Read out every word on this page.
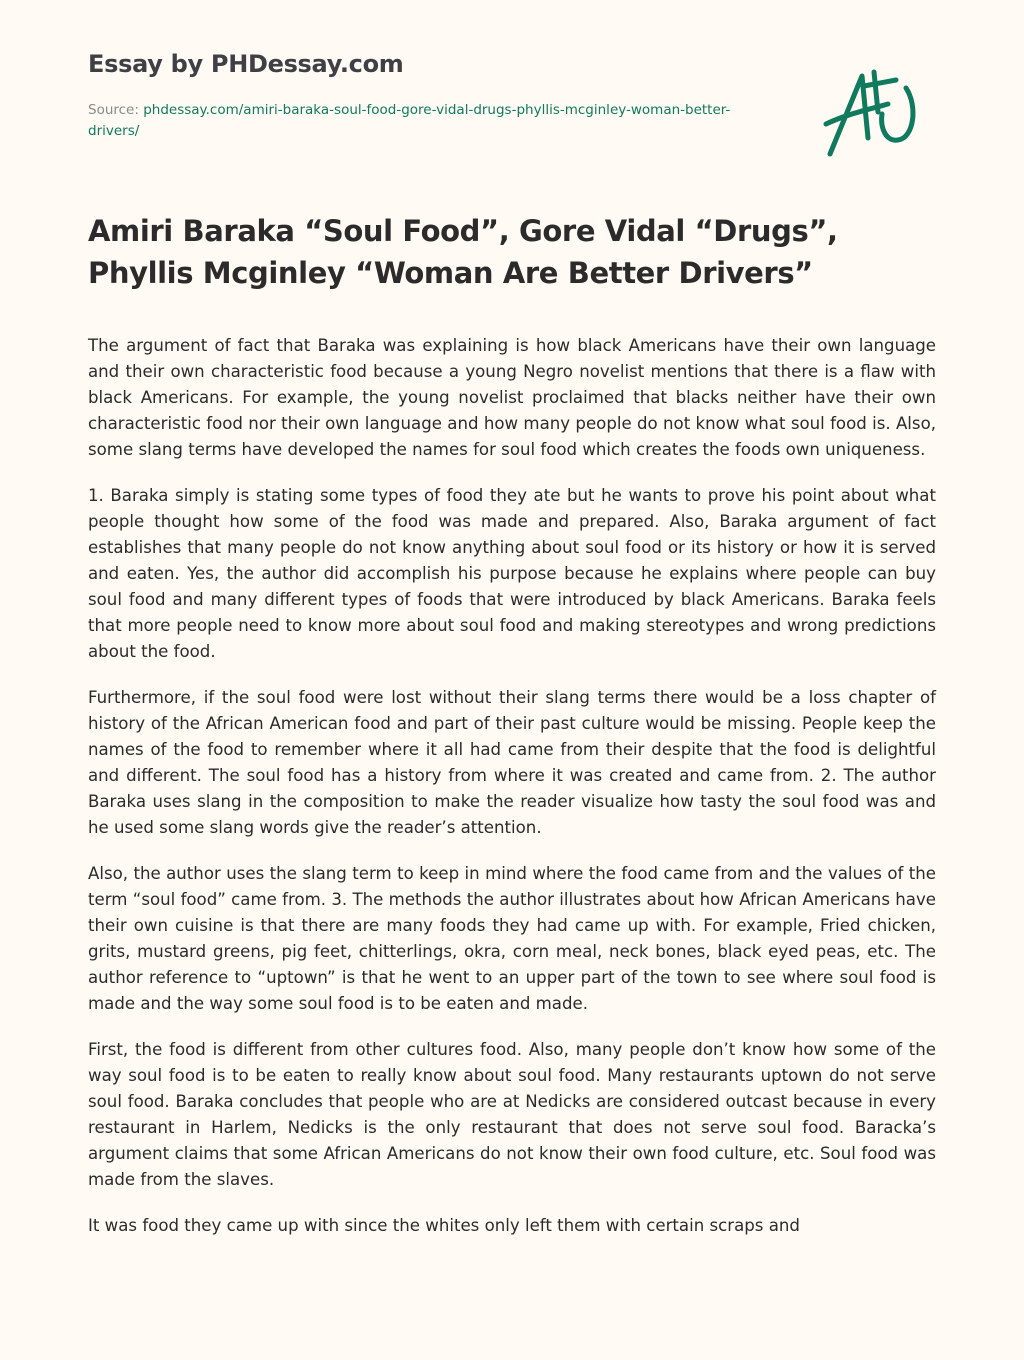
Essay by PHDessay.com
Source: phdessay.com/amiri-baraka-soul-food-gore-vidal-drugs-phyllis-mcginley-woman-better-drivers/
Amiri Baraka “Soul Food”, Gore Vidal “Drugs”, Phyllis Mcginley “Woman Are Better Drivers”

The argument of fact that Baraka was explaining is how black Americans have their own language and their own characteristic food because a young Negro novelist mentions that there is a flaw with black Americans. For example, the young novelist proclaimed that blacks neither have their own characteristic food nor their own language and how many people do not know what soul food is. Also, some slang terms have developed the names for soul food which creates the foods own uniqueness.

1. Baraka simply is stating some types of food they ate but he wants to prove his point about what people thought how some of the food was made and prepared. Also, Baraka argument of fact establishes that many people do not know anything about soul food or its history or how it is served and eaten. Yes, the author did accomplish his purpose because he explains where people can buy soul food and many different types of foods that were introduced by black Americans. Baraka feels that more people need to know more about soul food and making stereotypes and wrong predictions about the food.

Furthermore, if the soul food were lost without their slang terms there would be a loss chapter of history of the African American food and part of their past culture would be missing. People keep the names of the food to remember where it all had came from their despite that the food is delightful and different. The soul food has a history from where it was created and came from. 2. The author Baraka uses slang in the composition to make the reader visualize how tasty the soul food was and he used some slang words give the reader’s attention.

Also, the author uses the slang term to keep in mind where the food came from and the values of the term “soul food” came from. 3. The methods the author illustrates about how African Americans have their own cuisine is that there are many foods they had came up with. For example, Fried chicken, grits, mustard greens, pig feet, chitterlings, okra, corn meal, neck bones, black eyed peas, etc. The author reference to “uptown” is that he went to an upper part of the town to see where soul food is made and the way some soul food is to be eaten and made.

First, the food is different from other cultures food. Also, many people don’t know how some of the way soul food is to be eaten to really know about soul food. Many restaurants uptown do not serve soul food. Baraka concludes that people who are at Nedicks are considered outcast because in every restaurant in Harlem, Nedicks is the only restaurant that does not serve soul food. Baracka’s argument claims that some African Americans do not know their own food culture, etc. Soul food was made from the slaves.

It was food they came up with since the whites only left them with certain scraps and
